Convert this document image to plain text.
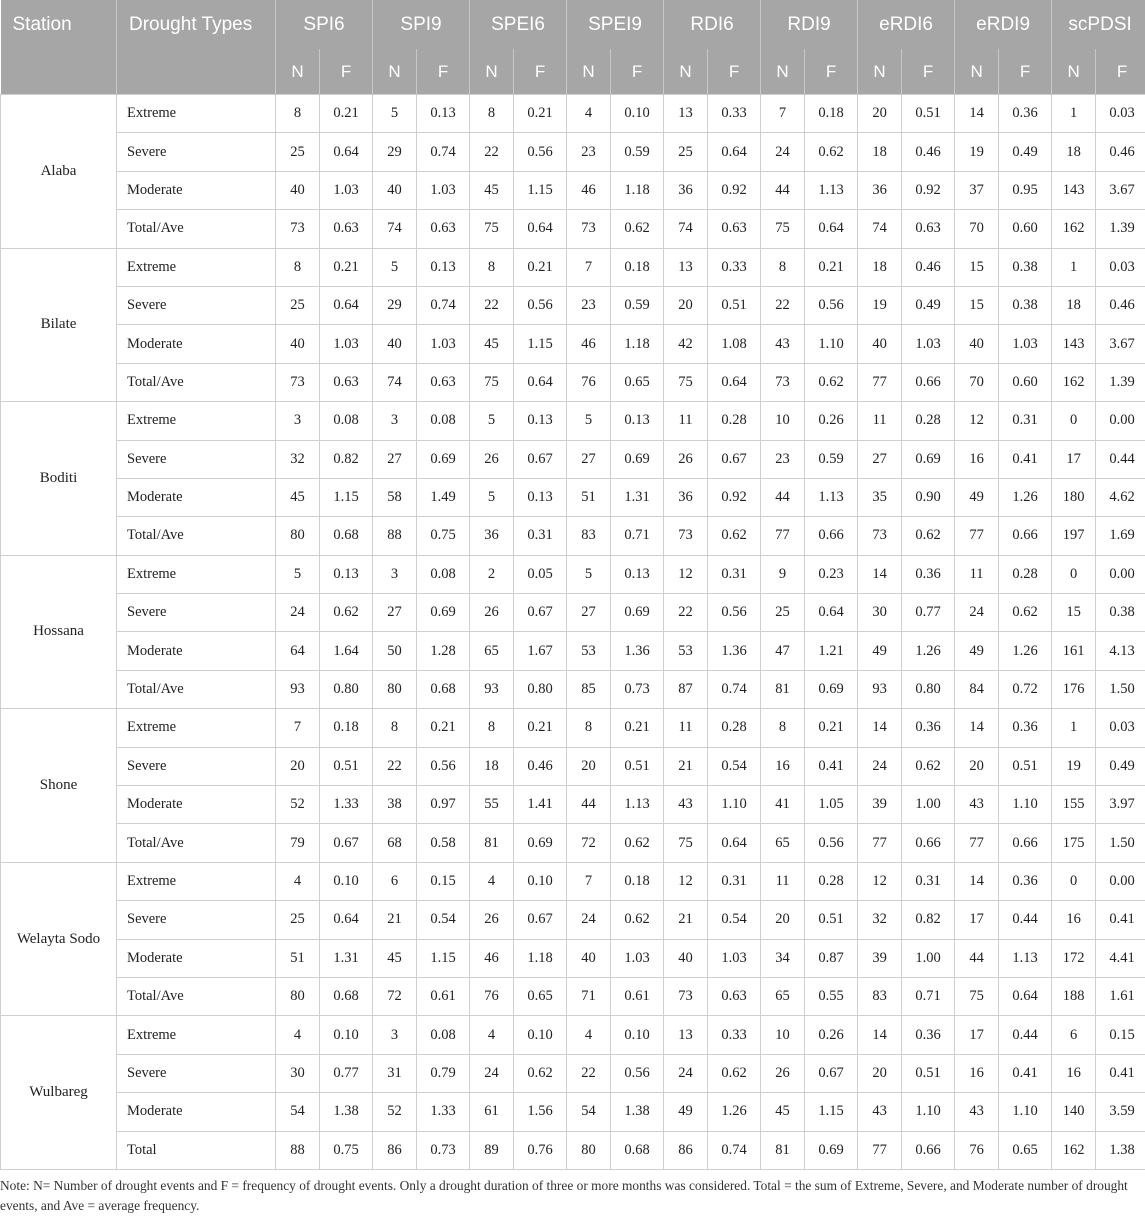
Station	Drought Types	SPI6		SPI9		SPEI6		SPEI9		RDI6		RDI9		eRDI6		eRDI9		scPDSI	
		N	F	N	F	N	F	N	F	N	F	N	F	N	F	N	F	N	F
Alaba	Extreme	8	0.21	5	0.13	8	0.21	4	0.10	13	0.33	7	0.18	20	0.51	14	0.36	1	0.03
	Severe	25	0.64	29	0.74	22	0.56	23	0.59	25	0.64	24	0.62	18	0.46	19	0.49	18	0.46
	Moderate	40	1.03	40	1.03	45	1.15	46	1.18	36	0.92	44	1.13	36	0.92	37	0.95	143	3.67
	Total/Ave	73	0.63	74	0.63	75	0.64	73	0.62	74	0.63	75	0.64	74	0.63	70	0.60	162	1.39
Bilate	Extreme	8	0.21	5	0.13	8	0.21	7	0.18	13	0.33	8	0.21	18	0.46	15	0.38	1	0.03
	Severe	25	0.64	29	0.74	22	0.56	23	0.59	20	0.51	22	0.56	19	0.49	15	0.38	18	0.46
	Moderate	40	1.03	40	1.03	45	1.15	46	1.18	42	1.08	43	1.10	40	1.03	40	1.03	143	3.67
	Total/Ave	73	0.63	74	0.63	75	0.64	76	0.65	75	0.64	73	0.62	77	0.66	70	0.60	162	1.39
Boditi	Extreme	3	0.08	3	0.08	5	0.13	5	0.13	11	0.28	10	0.26	11	0.28	12	0.31	0	0.00
	Severe	32	0.82	27	0.69	26	0.67	27	0.69	26	0.67	23	0.59	27	0.69	16	0.41	17	0.44
	Moderate	45	1.15	58	1.49	5	0.13	51	1.31	36	0.92	44	1.13	35	0.90	49	1.26	180	4.62
	Total/Ave	80	0.68	88	0.75	36	0.31	83	0.71	73	0.62	77	0.66	73	0.62	77	0.66	197	1.69
Hossana	Extreme	5	0.13	3	0.08	2	0.05	5	0.13	12	0.31	9	0.23	14	0.36	11	0.28	0	0.00
	Severe	24	0.62	27	0.69	26	0.67	27	0.69	22	0.56	25	0.64	30	0.77	24	0.62	15	0.38
	Moderate	64	1.64	50	1.28	65	1.67	53	1.36	53	1.36	47	1.21	49	1.26	49	1.26	161	4.13
	Total/Ave	93	0.80	80	0.68	93	0.80	85	0.73	87	0.74	81	0.69	93	0.80	84	0.72	176	1.50
Shone	Extreme	7	0.18	8	0.21	8	0.21	8	0.21	11	0.28	8	0.21	14	0.36	14	0.36	1	0.03
	Severe	20	0.51	22	0.56	18	0.46	20	0.51	21	0.54	16	0.41	24	0.62	20	0.51	19	0.49
	Moderate	52	1.33	38	0.97	55	1.41	44	1.13	43	1.10	41	1.05	39	1.00	43	1.10	155	3.97
	Total/Ave	79	0.67	68	0.58	81	0.69	72	0.62	75	0.64	65	0.56	77	0.66	77	0.66	175	1.50
Welayta Sodo	Extreme	4	0.10	6	0.15	4	0.10	7	0.18	12	0.31	11	0.28	12	0.31	14	0.36	0	0.00
	Severe	25	0.64	21	0.54	26	0.67	24	0.62	21	0.54	20	0.51	32	0.82	17	0.44	16	0.41
	Moderate	51	1.31	45	1.15	46	1.18	40	1.03	40	1.03	34	0.87	39	1.00	44	1.13	172	4.41
	Total/Ave	80	0.68	72	0.61	76	0.65	71	0.61	73	0.63	65	0.55	83	0.71	75	0.64	188	1.61
Wulbareg	Extreme	4	0.10	3	0.08	4	0.10	4	0.10	13	0.33	10	0.26	14	0.36	17	0.44	6	0.15
	Severe	30	0.77	31	0.79	24	0.62	22	0.56	24	0.62	26	0.67	20	0.51	16	0.41	16	0.41
	Moderate	54	1.38	52	1.33	61	1.56	54	1.38	49	1.26	45	1.15	43	1.10	43	1.10	140	3.59
	Total	88	0.75	86	0.73	89	0.76	80	0.68	86	0.74	81	0.69	77	0.66	76	0.65	162	1.38
Note: N= Number of drought events and F = frequency of drought events. Only a drought duration of three or more months was considered. Total = the sum of Extreme, Severe, and Moderate number of drought events, and Ave = average frequency.
